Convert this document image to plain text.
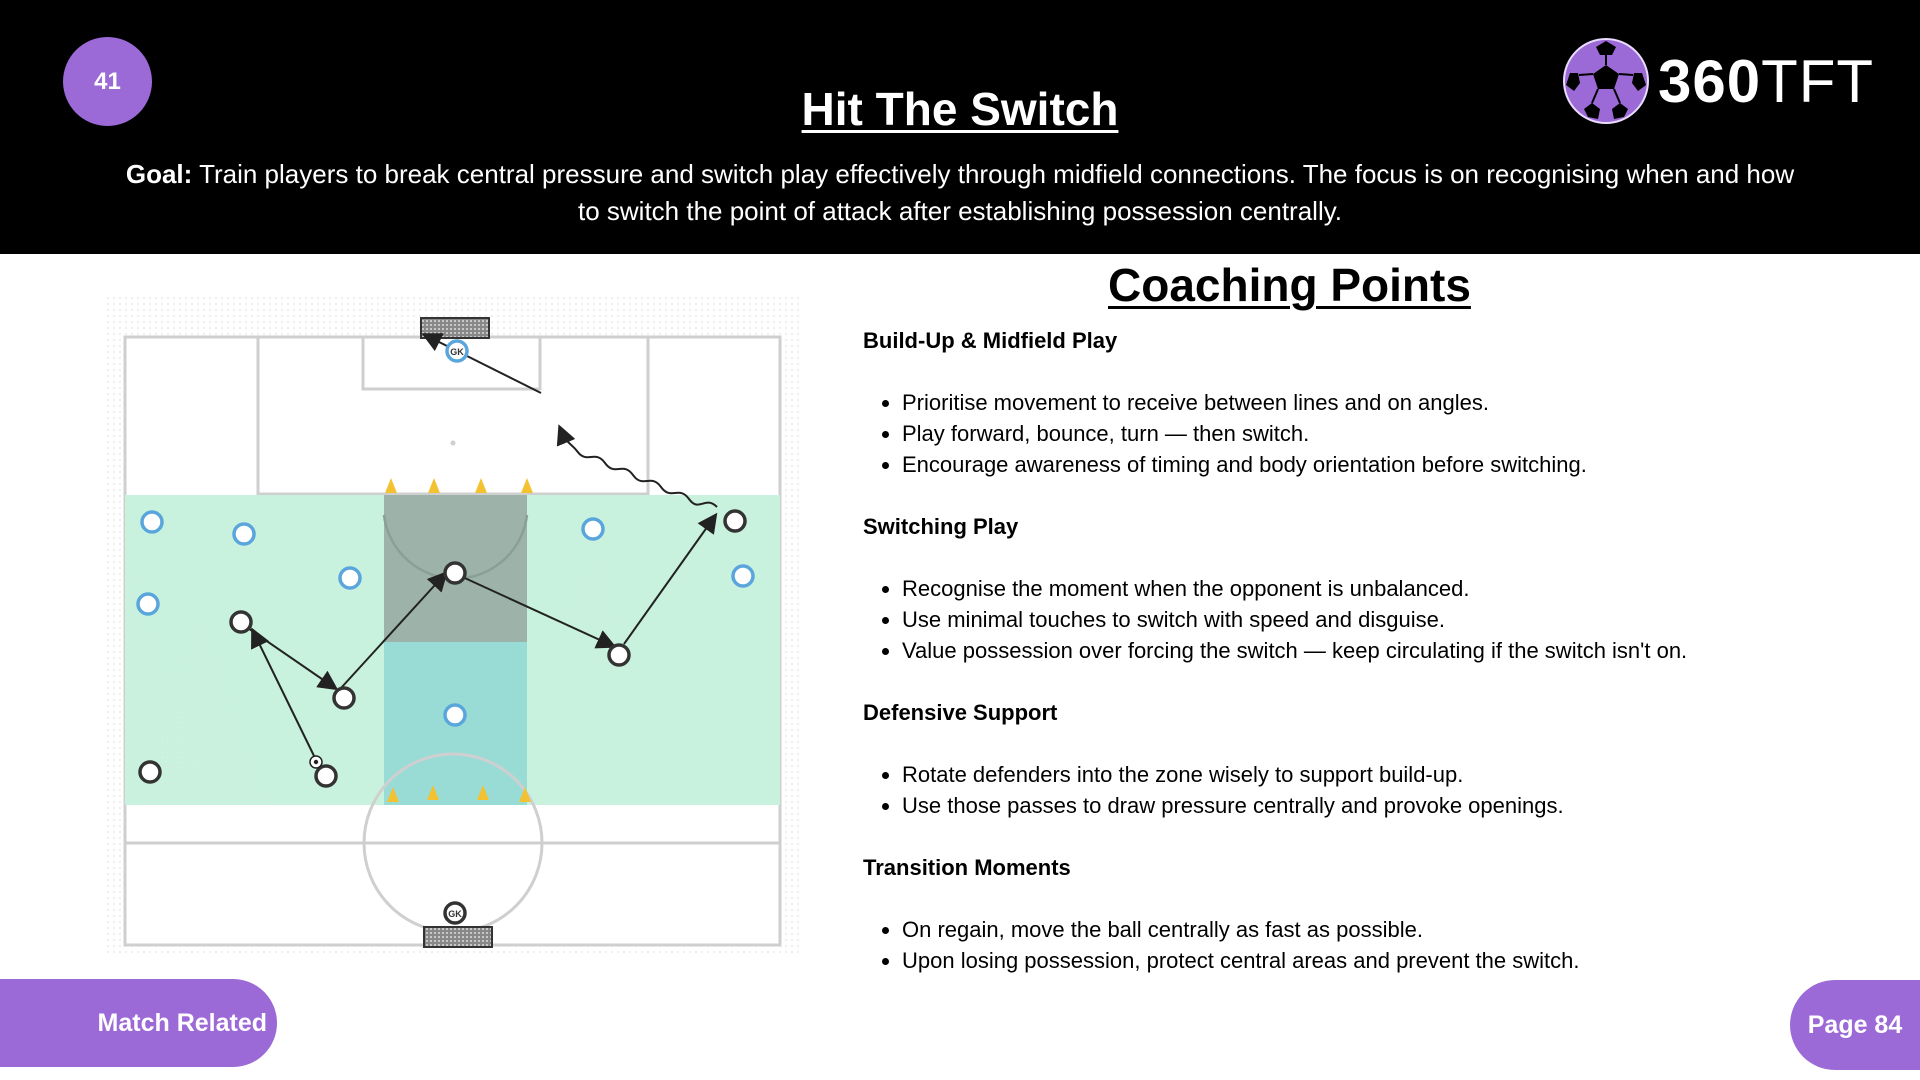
41
Hit The Switch
Goal: Train players to break central pressure and switch play effectively through midfield connections. The focus is on recognising when and how to switch the point of attack after establishing possession centrally.
360TFT
GK
GK
Coaching Points
Build-Up & Midfield Play
• Prioritise movement to receive between lines and on angles.
• Play forward, bounce, turn — then switch.
• Encourage awareness of timing and body orientation before switching.
Switching Play
• Recognise the moment when the opponent is unbalanced.
• Use minimal touches to switch with speed and disguise.
• Value possession over forcing the switch — keep circulating if the switch isn't on.
Defensive Support
• Rotate defenders into the zone wisely to support build-up.
• Use those passes to draw pressure centrally and provoke openings.
Transition Moments
• On regain, move the ball centrally as fast as possible.
• Upon losing possession, protect central areas and prevent the switch.
Match Related	Page 84
